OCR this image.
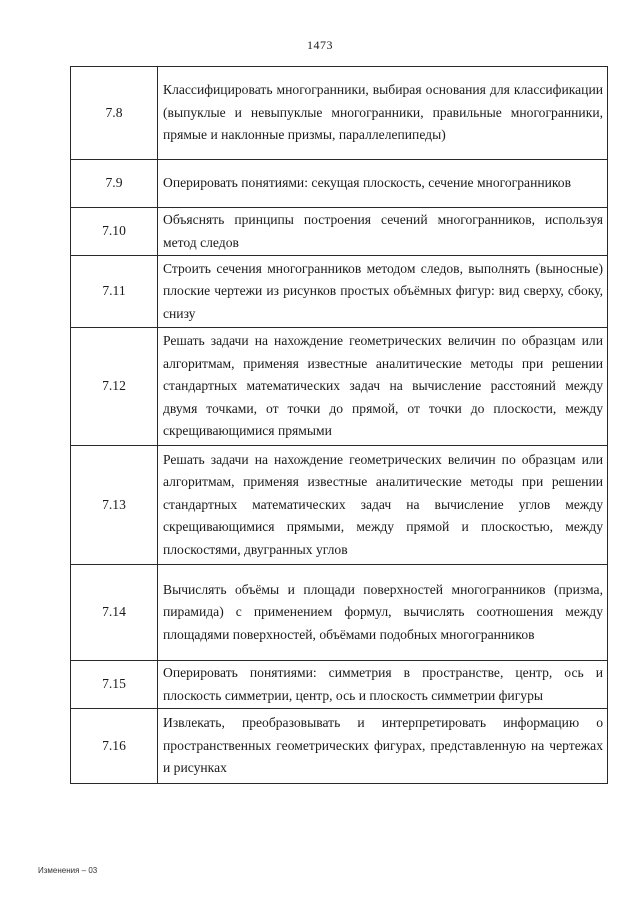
1473
7.8	Классифицировать многогранники, выбирая основания для классификации (выпуклые и невыпуклые многогранники, правильные многогранники, прямые и наклонные призмы, параллелепипеды)
7.9	Оперировать понятиями: секущая плоскость, сечение многогранников
7.10	Объяснять принципы построения сечений многогранников, используя метод следов
7.11	Строить сечения многогранников методом следов, выполнять (выносные) плоские чертежи из рисунков простых объёмных фигур: вид сверху, сбоку, снизу
7.12	Решать задачи на нахождение геометрических величин по образцам или алгоритмам, применяя известные аналитические методы при решении стандартных математических задач на вычисление расстояний между двумя точками, от точки до прямой, от точки до плоскости, между скрещивающимися прямыми
7.13	Решать задачи на нахождение геометрических величин по образцам или алгоритмам, применяя известные аналитические методы при решении стандартных математических задач на вычисление углов между скрещивающимися прямыми, между прямой и плоскостью, между плоскостями, двугранных углов
7.14	Вычислять объёмы и площади поверхностей многогранников (призма, пирамида) с применением формул, вычислять соотношения между площадями поверхностей, объёмами подобных многогранников
7.15	Оперировать понятиями: симметрия в пространстве, центр, ось и плоскость симметрии, центр, ось и плоскость симметрии фигуры
7.16	Извлекать, преобразовывать и интерпретировать информацию о пространственных геометрических фигурах, представленную на чертежах и рисунках
Изменения – 03
